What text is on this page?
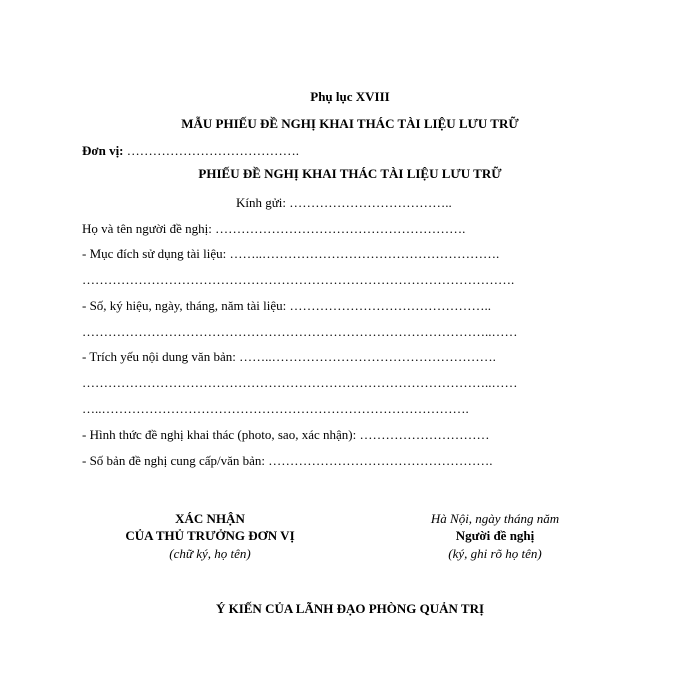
Phụ lục XVIII
MẪU PHIẾU ĐỀ NGHỊ KHAI THÁC TÀI LIỆU LƯU TRỮ
Đơn vị: ………………………………….
PHIẾU ĐỀ NGHỊ KHAI THÁC TÀI LIỆU LƯU TRỮ
Kính gửi: ………………………………..
Họ và tên người đề nghị: ………………………………………………….
- Mục đích sử dụng tài liệu: ……..……………………………………………….
……………………………………………………………………………………….
- Số, ký hiệu, ngày, tháng, năm tài liệu: ………………………………………..
…………………………………………………………………………………..……
- Trích yếu nội dung văn bản: ……..…………………………………………….
…………………………………………………………………………………..……
…..………………………………………………………………………….
- Hình thức đề nghị khai thác (photo, sao, xác nhận): …………………………
- Số bản đề nghị cung cấp/văn bản: …………………………………………….
XÁC NHẬN
CỦA THỦ TRƯỞNG ĐƠN VỊ
(chữ ký, họ tên)
Hà Nội, ngày tháng năm
Người đề nghị
(ký, ghi rõ họ tên)
Ý KIẾN CỦA LÃNH ĐẠO PHÒNG QUẢN TRỊ
